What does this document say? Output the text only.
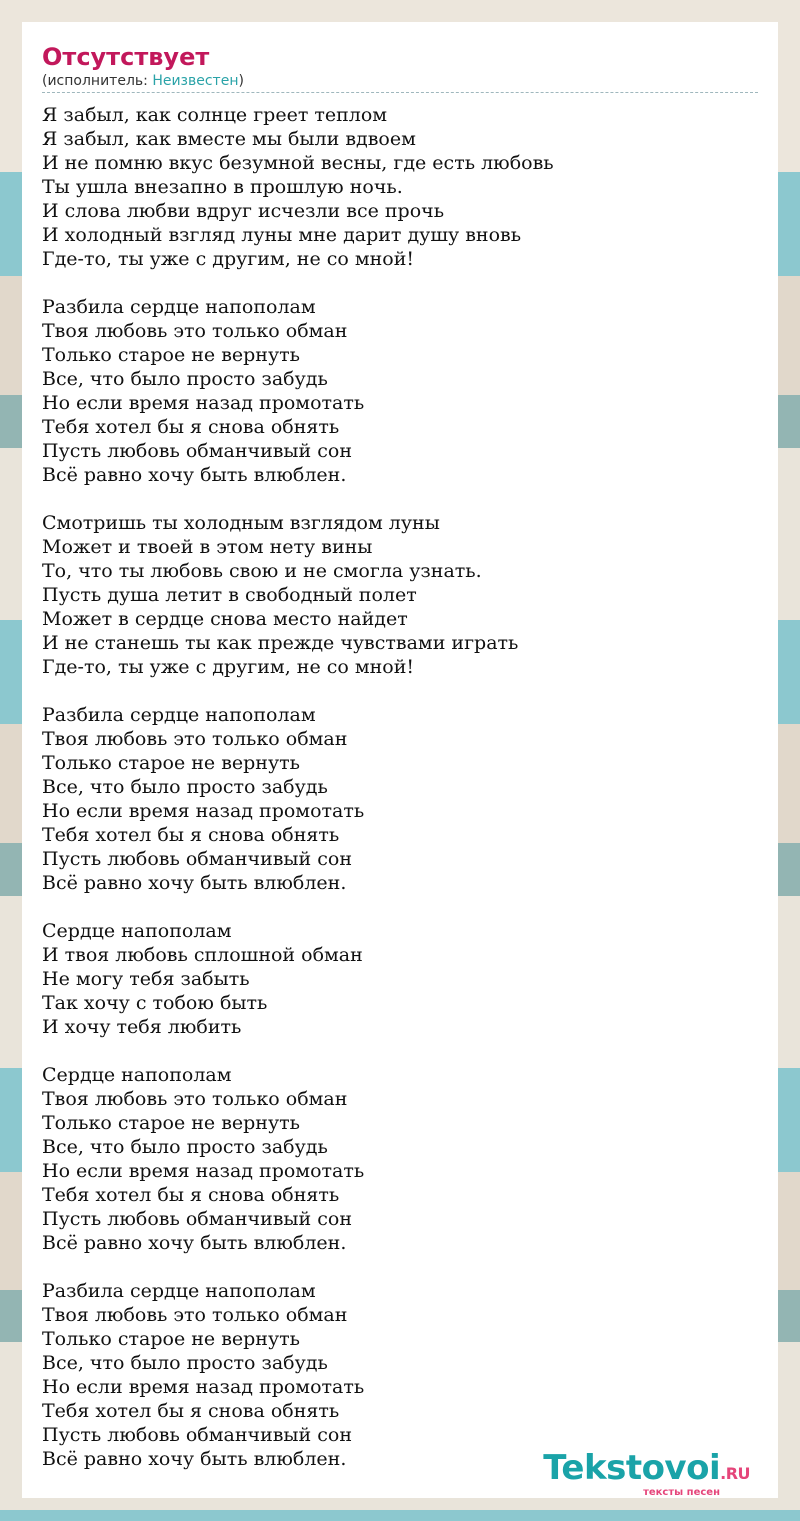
Отсутствует
(исполнитель: Неизвестен)
Я забыл, как солнце греет теплом
Я забыл, как вместе мы были вдвоем
И не помню вкус безумной весны, где есть любовь
Ты ушла внезапно в прошлую ночь.
И слова любви вдруг исчезли все прочь
И холодный взгляд луны мне дарит душу вновь
Где-то, ты уже с другим, не со мной!
Разбила сердце напополам
Твоя любовь это только обман
Только старое не вернуть
Все, что было просто забудь
Но если время назад промотать
Тебя хотел бы я снова обнять
Пусть любовь обманчивый сон
Всё равно хочу быть влюблен.
Смотришь ты холодным взглядом луны
Может и твоей в этом нету вины
То, что ты любовь свою и не смогла узнать.
Пусть душа летит в свободный полет
Может в сердце снова место найдет
И не станешь ты как прежде чувствами играть
Где-то, ты уже с другим, не со мной!
Разбила сердце напополам
Твоя любовь это только обман
Только старое не вернуть
Все, что было просто забудь
Но если время назад промотать
Тебя хотел бы я снова обнять
Пусть любовь обманчивый сон
Всё равно хочу быть влюблен.
Сердце напополам
И твоя любовь сплошной обман
Не могу тебя забыть
Так хочу с тобою быть
И хочу тебя любить
Сердце напополам
Твоя любовь это только обман
Только старое не вернуть
Все, что было просто забудь
Но если время назад промотать
Тебя хотел бы я снова обнять
Пусть любовь обманчивый сон
Всё равно хочу быть влюблен.
Разбила сердце напополам
Твоя любовь это только обман
Только старое не вернуть
Все, что было просто забудь
Но если время назад промотать
Тебя хотел бы я снова обнять
Пусть любовь обманчивый сон
Всё равно хочу быть влюблен.	Tekstovoi.RU
тексты песен
